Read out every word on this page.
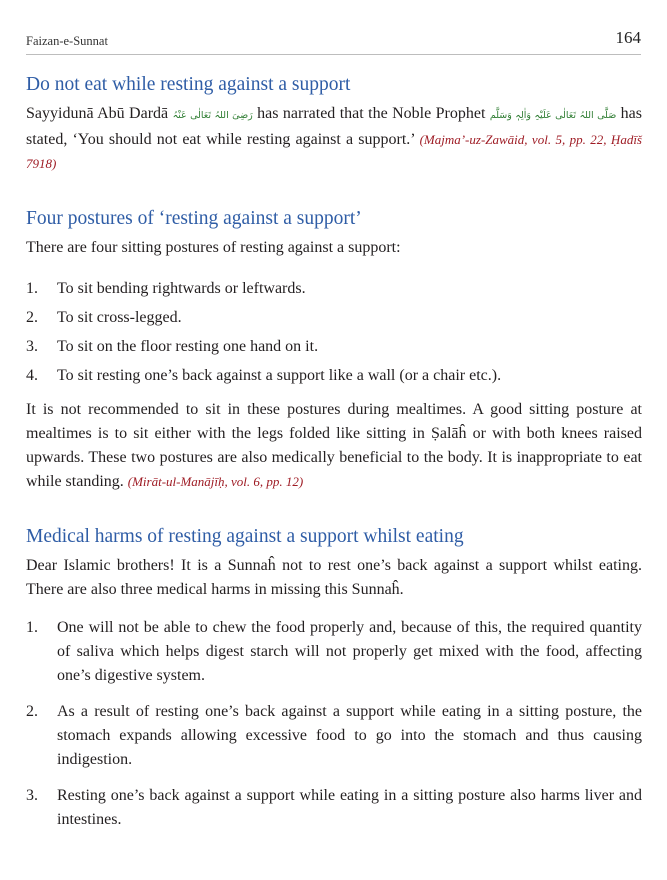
Faizan-e-Sunnat	164
Do not eat while resting against a support

Sayyidunā Abū Dardā رَضِیَ اللہُ تَعَالٰی عَنْہُ has narrated that the Noble Prophet صَلَّی اللہُ تَعَالٰی عَلَیْہِ وَاٰلِہٖ وَسَلَّم has stated, ‘You should not eat while resting against a support.’ (Majma’-uz-Zawāid, vol. 5, pp. 22, Ḥadīš 7918)

Four postures of ‘resting against a support’

There are four sitting postures of resting against a support:

1. To sit bending rightwards or leftwards.
2. To sit cross-legged.
3. To sit on the floor resting one hand on it.
4. To sit resting one’s back against a support like a wall (or a chair etc.).

It is not recommended to sit in these postures during mealtimes. A good sitting posture at mealtimes is to sit either with the legs folded like sitting in Ṣalāĥ or with both knees raised upwards. These two postures are also medically beneficial to the body. It is inappropriate to eat while standing. (Mirāt-ul-Manājīḥ, vol. 6, pp. 12)

Medical harms of resting against a support whilst eating

Dear Islamic brothers! It is a Sunnaĥ not to rest one’s back against a support whilst eating. There are also three medical harms in missing this Sunnaĥ.

1. One will not be able to chew the food properly and, because of this, the required quantity of saliva which helps digest starch will not properly get mixed with the food, affecting one’s digestive system.
2. As a result of resting one’s back against a support while eating in a sitting posture, the stomach expands allowing excessive food to go into the stomach and thus causing indigestion.
3. Resting one’s back against a support while eating in a sitting posture also harms liver and intestines.
